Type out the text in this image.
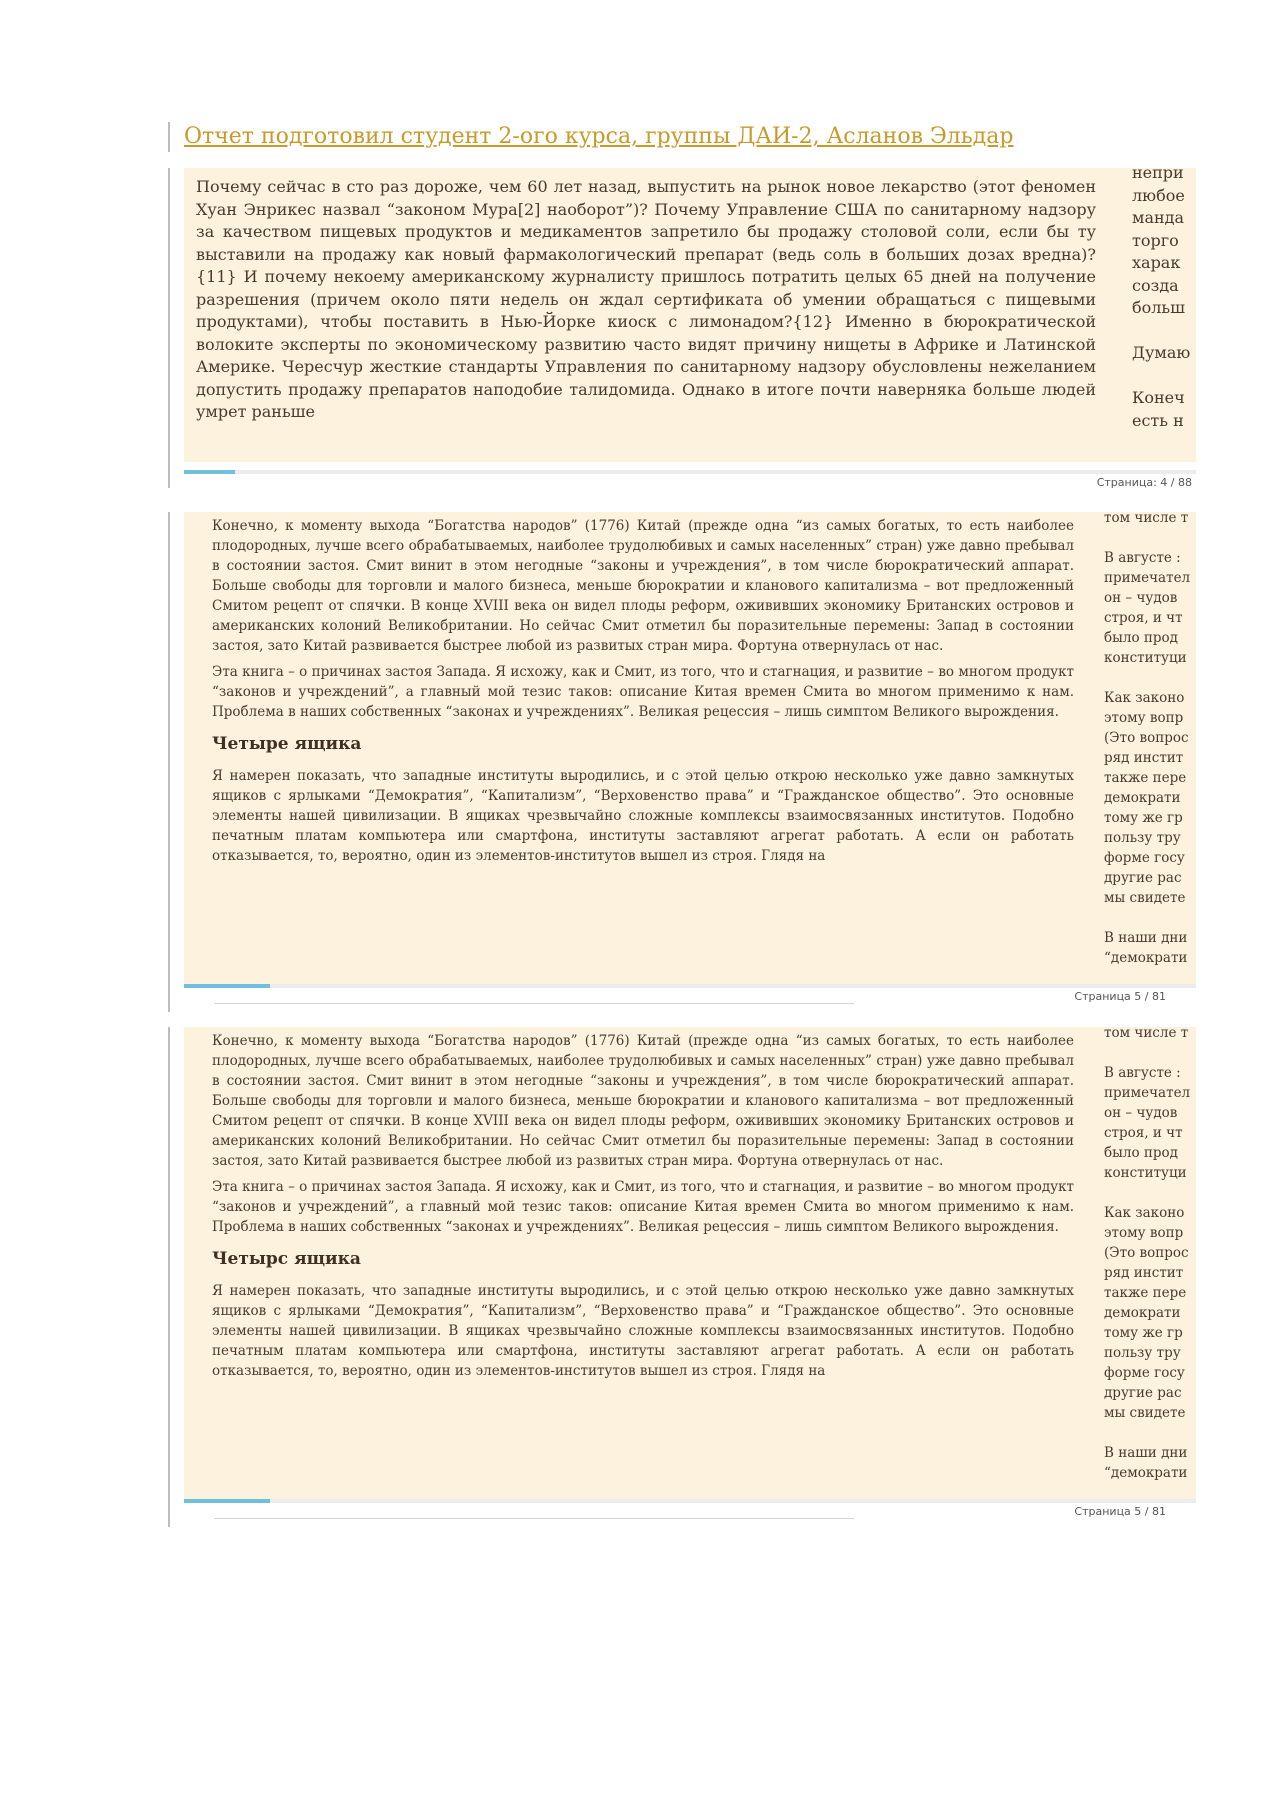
Отчет подготовил студент 2-ого курса, группы ДАИ-2, Асланов Эльдар

Почему сейчас в сто раз дороже, чем 60 лет назад, выпустить на рынок новое лекарство (этот феномен Хуан Энрикес назвал “законом Мура[2] наоборот”)? Почему Управление США по санитарному надзору за качеством пищевых продуктов и медикаментов запретило бы продажу столовой соли, если бы ту выставили на продажу как новый фармакологический препарат (ведь соль в больших дозах вредна)?{11} И почему некоему американскому журналисту пришлось потратить целых 65 дней на получение разрешения (причем около пяти недель он ждал сертификата об умении обращаться с пищевыми продуктами), чтобы поставить в Нью-Йорке киоск с лимонадом?{12} Именно в бюрократической волоките эксперты по экономическому развитию часто видят причину нищеты в Африке и Латинской Америке. Чересчур жесткие стандарты Управления по санитарному надзору обусловлены нежеланием допустить продажу препаратов наподобие талидомида. Однако в итоге почти наверняка больше людей умрет раньше

непри
любое
манда
торго
харак
созда
больш

Думаю

Конеч
есть н
Страница: 4 / 88

Конечно, к моменту выхода “Богатства народов” (1776) Китай (прежде одна “из самых богатых, то есть наиболее плодородных, лучше всего обрабатываемых, наиболее трудолюбивых и самых населенных” стран) уже давно пребывал в состоянии застоя. Смит винит в этом негодные “законы и учреждения”, в том числе бюрократический аппарат. Больше свободы для торговли и малого бизнеса, меньше бюрократии и кланового капитализма – вот предложенный Смитом рецепт от спячки. В конце XVIII века он видел плоды реформ, ожививших экономику Британских островов и американских колоний Великобритании. Но сейчас Смит отметил бы поразительные перемены: Запад в состоянии застоя, зато Китай развивается быстрее любой из развитых стран мира. Фортуна отвернулась от нас.

Эта книга – о причинах застоя Запада. Я исхожу, как и Смит, из того, что и стагнация, и развитие – во многом продукт “законов и учреждений”, а главный мой тезис таков: описание Китая времен Смита во многом применимо к нам. Проблема в наших собственных “законах и учреждениях”. Великая рецессия – лишь симптом Великого вырождения.

Четыре ящика

Я намерен показать, что западные институты выродились, и с этой целью открою несколько уже давно замкнутых ящиков с ярлыками “Демократия”, “Капитализм”, “Верховенство права” и “Гражданское общество”. Это основные элементы нашей цивилизации. В ящиках чрезвычайно сложные комплексы взаимосвязанных институтов. Подобно печатным платам компьютера или смартфона, институты заставляют агрегат работать. А если он работать отказывается, то, вероятно, один из элементов-институтов вышел из строя. Глядя на

том числе т

В августе :
примечател
он – чудов
строя, и чт
было прод
конституци

Как законо
этому вопр
(Это вопрос
ряд инстит
также пере
демократи
тому же гр
пользу тру
форме госу
другие рас
мы свидете

В наши дни
“демократи
Страница 5 / 81

Конечно, к моменту выхода “Богатства народов” (1776) Китай (прежде одна “из самых богатых, то есть наиболее плодородных, лучше всего обрабатываемых, наиболее трудолюбивых и самых населенных” стран) уже давно пребывал в состоянии застоя. Смит винит в этом негодные “законы и учреждения”, в том числе бюрократический аппарат. Больше свободы для торговли и малого бизнеса, меньше бюрократии и кланового капитализма – вот предложенный Смитом рецепт от спячки. В конце XVIII века он видел плоды реформ, ожививших экономику Британских островов и американских колоний Великобритании. Но сейчас Смит отметил бы поразительные перемены: Запад в состоянии застоя, зато Китай развивается быстрее любой из развитых стран мира. Фортуна отвернулась от нас.

Эта книга – о причинах застоя Запада. Я исхожу, как и Смит, из того, что и стагнация, и развитие – во многом продукт “законов и учреждений”, а главный мой тезис таков: описание Китая времен Смита во многом применимо к нам. Проблема в наших собственных “законах и учреждениях”. Великая рецессия – лишь симптом Великого вырождения.

Четырс ящика

Я намерен показать, что западные институты выродились, и с этой целью открою несколько уже давно замкнутых ящиков с ярлыками “Демократия”, “Капитализм”, “Верховенство права” и “Гражданское общество”. Это основные элементы нашей цивилизации. В ящиках чрезвычайно сложные комплексы взаимосвязанных институтов. Подобно печатным платам компьютера или смартфона, институты заставляют агрегат работать. А если он работать отказывается, то, вероятно, один из элементов-институтов вышел из строя. Глядя на

том числе т

В августе :
примечател
он – чудов
строя, и чт
было прод
конституци

Как законо
этому вопр
(Это вопрос
ряд инстит
также пере
демократи
тому же гр
пользу тру
форме госу
другие рас
мы свидете

В наши дни
“демократи
Страница 5 / 81
